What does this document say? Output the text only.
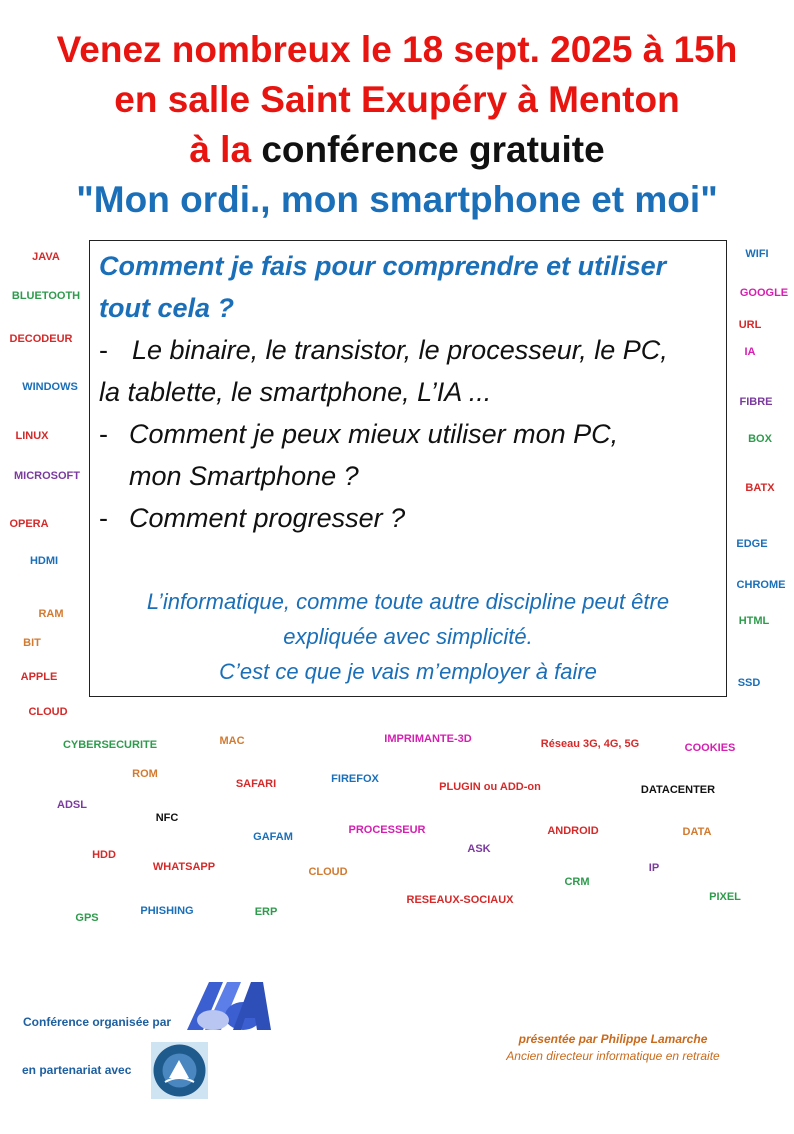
Venez nombreux le 18 sept. 2025 à 15h
en salle Saint Exupéry à Menton
à la conférence gratuite
"Mon ordi., mon smartphone et moi"
Comment je fais pour comprendre et utiliser
tout cela ?
- Le binaire, le transistor, le processeur, le PC,
la tablette, le smartphone, L’IA ...
- Comment je peux mieux utiliser mon PC,
mon Smartphone ?
- Comment progresser ?
L’informatique, comme toute autre discipline peut être
expliquée avec simplicité.
C’est ce que je vais m’employer à faire
JAVA
BLUETOOTH
DECODEUR
WINDOWS
LINUX
MICROSOFT
OPERA
HDMI
RAM
BIT
APPLE
CLOUD
WIFI
GOOGLE
URL
IA
FIBRE
BOX
BATX
EDGE
CHROME
HTML
SSD
CYBERSECURITE	MAC	IMPRIMANTE-3D	Réseau 3G, 4G, 5G	COOKIES
ROM
SAFARI	FIREFOX
PLUGIN ou ADD-on	DATACENTER
ADSL
NFC
GAFAM
PROCESSEUR	ANDROID	DATA
ASK
HDD
WHATSAPP	CLOUD	IP
CRM
RESEAUX-SOCIAUX	PIXEL
GPS
PHISHING	ERP
Conférence organisée par
en partenariat avec
présentée par Philippe Lamarche
Ancien directeur informatique en retraite
